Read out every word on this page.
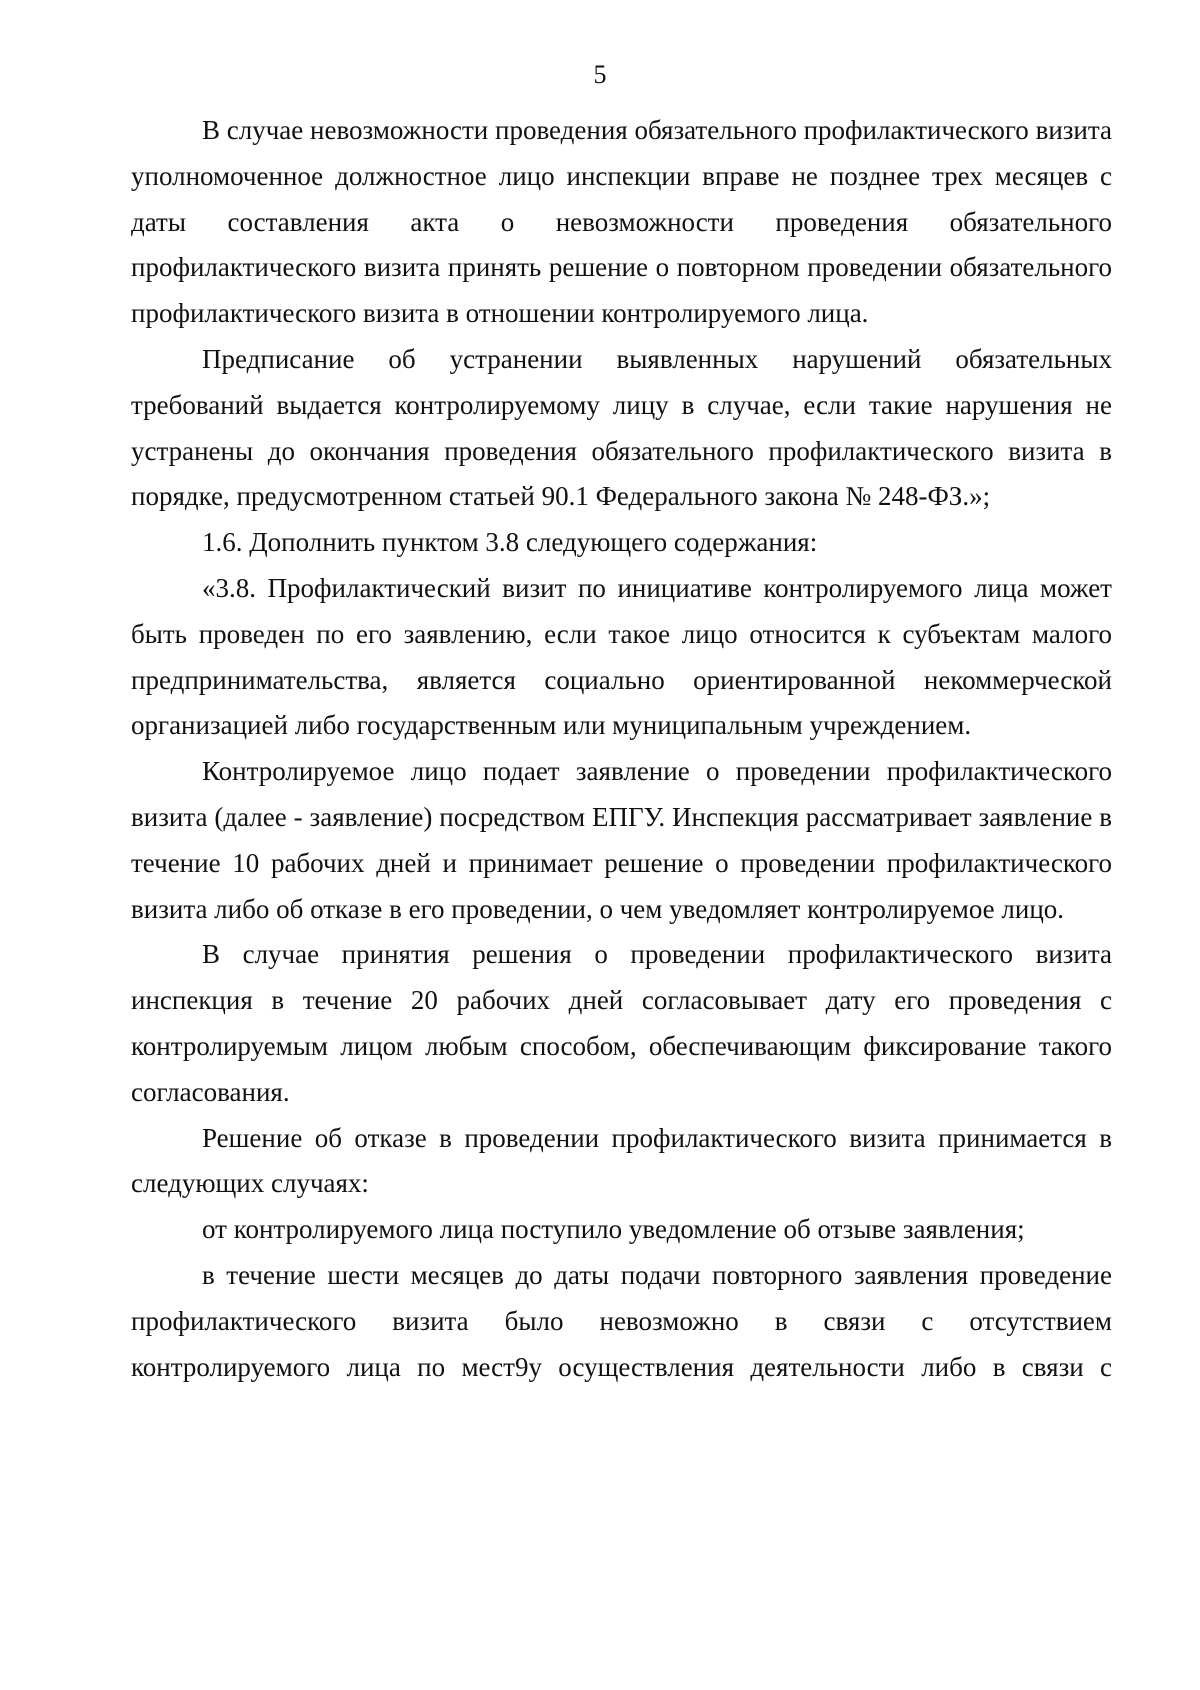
5

В случае невозможности проведения обязательного профилактического визита уполномоченное должностное лицо инспекции вправе не позднее трех месяцев с даты составления акта о невозможности проведения обязательного профилактического визита принять решение о повторном проведении обязательного профилактического визита в отношении контролируемого лица.

Предписание об устранении выявленных нарушений обязательных требований выдается контролируемому лицу в случае, если такие нарушения не устранены до окончания проведения обязательного профилактического визита в порядке, предусмотренном статьей 90.1 Федерального закона № 248-ФЗ.»;

1.6. Дополнить пунктом 3.8 следующего содержания:

«3.8. Профилактический визит по инициативе контролируемого лица может быть проведен по его заявлению, если такое лицо относится к субъектам малого предпринимательства, является социально ориентированной некоммерческой организацией либо государственным или муниципальным учреждением.

Контролируемое лицо подает заявление о проведении профилактического визита (далее - заявление) посредством ЕПГУ. Инспекция рассматривает заявление в течение 10 рабочих дней и принимает решение о проведении профилактического визита либо об отказе в его проведении, о чем уведомляет контролируемое лицо.

В случае принятия решения о проведении профилактического визита инспекция в течение 20 рабочих дней согласовывает дату его проведения с контролируемым лицом любым способом, обеспечивающим фиксирование такого согласования.

Решение об отказе в проведении профилактического визита принимается в следующих случаях:

от контролируемого лица поступило уведомление об отзыве заявления;

в течение шести месяцев до даты подачи повторного заявления проведение профилактического визита было невозможно в связи с отсутствием контролируемого лица по мест9у осуществления деятельности либо в связи с
